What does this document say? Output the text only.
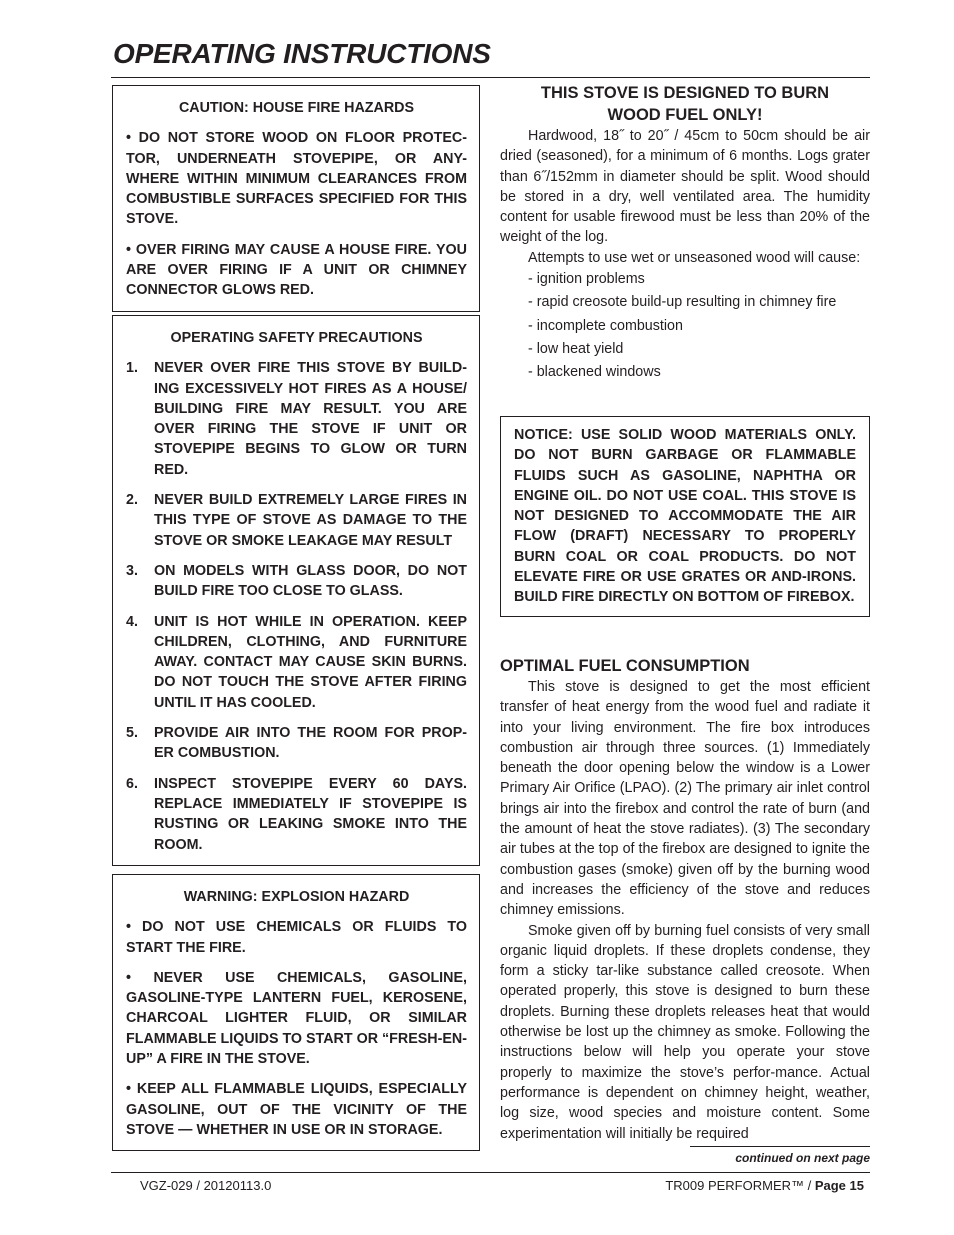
OPERATING INSTRUCTIONS
CAUTION: HOUSE FIRE HAZARDS

• DO NOT STORE WOOD ON FLOOR PROTEC-TOR, UNDERNEATH STOVEPIPE, OR ANY-WHERE WITHIN MINIMUM CLEARANCES FROM COMBUSTIBLE SURFACES SPECIFIED FOR THIS STOVE.

• OVER FIRING MAY CAUSE A HOUSE FIRE. YOU ARE OVER FIRING IF A UNIT OR CHIMNEY CONNECTOR GLOWS RED.

OPERATING SAFETY PRECAUTIONS
1.	NEVER OVER FIRE THIS STOVE BY BUILD-ING EXCESSIVELY HOT FIRES AS A HOUSE/ BUILDING FIRE MAY RESULT. YOU ARE OVER FIRING THE STOVE IF UNIT OR STOVEPIPE BEGINS TO GLOW OR TURN RED.
2.	NEVER BUILD EXTREMELY LARGE FIRES IN THIS TYPE OF STOVE AS DAMAGE TO THE STOVE OR SMOKE LEAKAGE MAY RESULT
3.	ON MODELS WITH GLASS DOOR, DO NOT BUILD FIRE TOO CLOSE TO GLASS.
4.	UNIT IS HOT WHILE IN OPERATION. KEEP CHILDREN, CLOTHING, AND FURNITURE AWAY. CONTACT MAY CAUSE SKIN BURNS. DO NOT TOUCH THE STOVE AFTER FIRING UNTIL IT HAS COOLED.
5.	PROVIDE AIR INTO THE ROOM FOR PROP-ER COMBUSTION.
6.	INSPECT STOVEPIPE EVERY 60 DAYS. REPLACE IMMEDIATELY IF STOVEPIPE IS RUSTING OR LEAKING SMOKE INTO THE ROOM.
WARNING: EXPLOSION HAZARD

• DO NOT USE CHEMICALS OR FLUIDS TO START THE FIRE.

• NEVER USE CHEMICALS, GASOLINE, GASOLINE-TYPE LANTERN FUEL, KEROSENE, CHARCOAL LIGHTER FLUID, OR SIMILAR FLAMMABLE LIQUIDS TO START OR “FRESH-EN-UP” A FIRE IN THE STOVE.

• KEEP ALL FLAMMABLE LIQUIDS, ESPECIALLY GASOLINE, OUT OF THE VICINITY OF THE STOVE — WHETHER IN USE OR IN STORAGE.

THIS STOVE IS DESIGNED TO BURN
WOOD FUEL ONLY!

Hardwood, 18˝ to 20˝ / 45cm to 50cm should be air dried (seasoned), for a minimum of 6 months. Logs grater than 6˝/152mm in diameter should be split. Wood should be stored in a dry, well ventilated area. The humidity content for usable firewood must be less than 20% of the weight of the log.

Attempts to use wet or unseasoned wood will cause:

- ignition problems
- rapid creosote build-up resulting in chimney fire
- incomplete combustion
- low heat yield
- blackened windows
NOTICE: USE SOLID WOOD MATERIALS ONLY. DO NOT BURN GARBAGE OR FLAMMABLE FLUIDS SUCH AS GASOLINE, NAPHTHA OR ENGINE OIL. DO NOT USE COAL. THIS STOVE IS NOT DESIGNED TO ACCOMMODATE THE AIR FLOW (DRAFT) NECESSARY TO PROPERLY BURN COAL OR COAL PRODUCTS. DO NOT ELEVATE FIRE OR USE GRATES OR AND-IRONS. BUILD FIRE DIRECTLY ON BOTTOM OF FIREBOX.
OPTIMAL FUEL CONSUMPTION

This stove is designed to get the most efficient transfer of heat energy from the wood fuel and radiate it into your living environment. The fire box introduces combustion air through three sources. (1) Immediately beneath the door opening below the window is a Lower Primary Air Orifice (LPAO). (2) The primary air inlet control brings air into the firebox and control the rate of burn (and the amount of heat the stove radiates). (3) The secondary air tubes at the top of the firebox are designed to ignite the combustion gases (smoke) given off by the burning wood and increases the efficiency of the stove and reduces chimney emissions.

Smoke given off by burning fuel consists of very small organic liquid droplets. If these droplets condense, they form a sticky tar-like substance called creosote. When operated properly, this stove is designed to burn these droplets. Burning these droplets releases heat that would otherwise be lost up the chimney as smoke. Following the instructions below will help you operate your stove properly to maximize the stove’s perfor-mance. Actual performance is dependent on chimney height, weather, log size, wood species and moisture content. Some experimentation will initially be required

continued on next page
VGZ-029 / 20120113.0	TR009 PERFORMER™ / Page 15
